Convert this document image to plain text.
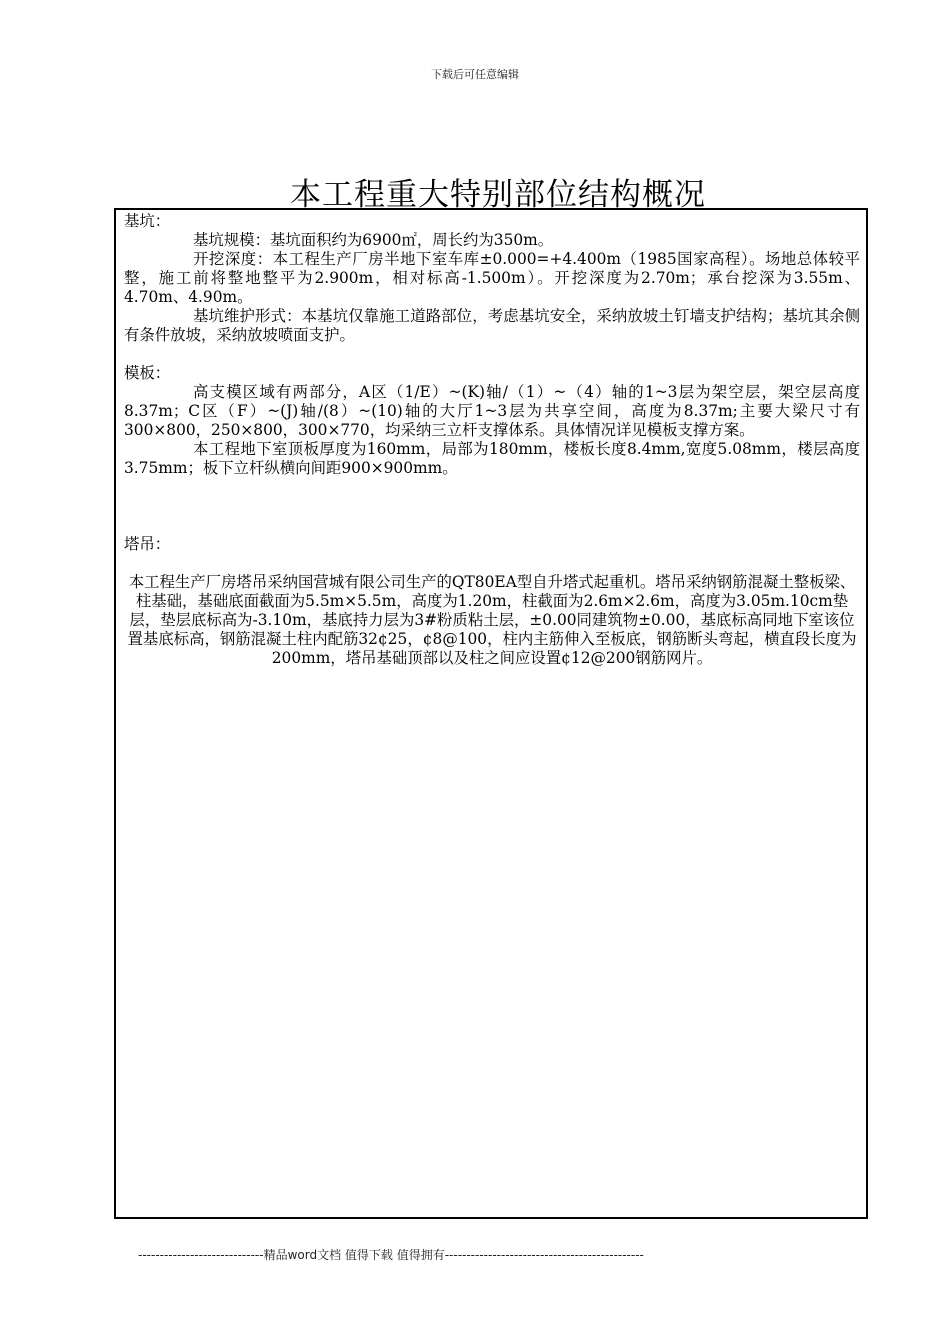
下载后可任意编辑
本工程重大特别部位结构概况

基坑：

基坑规模：基坑面积约为6900㎡，周长约为350m。

开挖深度：本工程生产厂房半地下室车库±0.000=+4.400m（1985国家高程）。场地总体较平整，施工前将整地整平为2.900m，相对标高-1.500m）。开挖深度为2.70m；承台挖深为3.55m、4.70m、4.90m。

基坑维护形式：本基坑仅靠施工道路部位，考虑基坑安全，采纳放坡土钉墙支护结构；基坑其余侧有条件放坡，采纳放坡喷面支护。

模板：

高支模区域有两部分，A区（1/E）~(K)轴/（1）~（4）轴的1~3层为架空层，架空层高度8.37m；C区（F）~(J)轴/(8）~(10)轴的大厅1~3层为共享空间，高度为8.37m;主要大梁尺寸有300×800，250×800，300×770，均采纳三立杆支撑体系。具体情况详见模板支撑方案。

本工程地下室顶板厚度为160mm，局部为180mm，楼板长度8.4mm,宽度5.08mm，楼层高度3.75mm；板下立杆纵横向间距900×900mm。

塔吊：

本工程生产厂房塔吊采纳国营城有限公司生产的QT80EA型自升塔式起重机。塔吊采纳钢筋混凝土整板梁、柱基础，基础底面截面为5.5m×5.5m，高度为1.20m，柱截面为2.6m×2.6m，高度为3.05m.10cm垫层，垫层底标高为-3.10m，基底持力层为3#粉质粘土层，±0.00同建筑物±0.00，基底标高同地下室该位置基底标高，钢筋混凝土柱内配筋32¢25，¢8@100，柱内主筋伸入至板底，钢筋断头弯起，横直段长度为200mm，塔吊基础顶部以及柱之间应设置¢12@200钢筋网片。

-----------------------------精品word文档 值得下载 值得拥有----------------------------------------------
